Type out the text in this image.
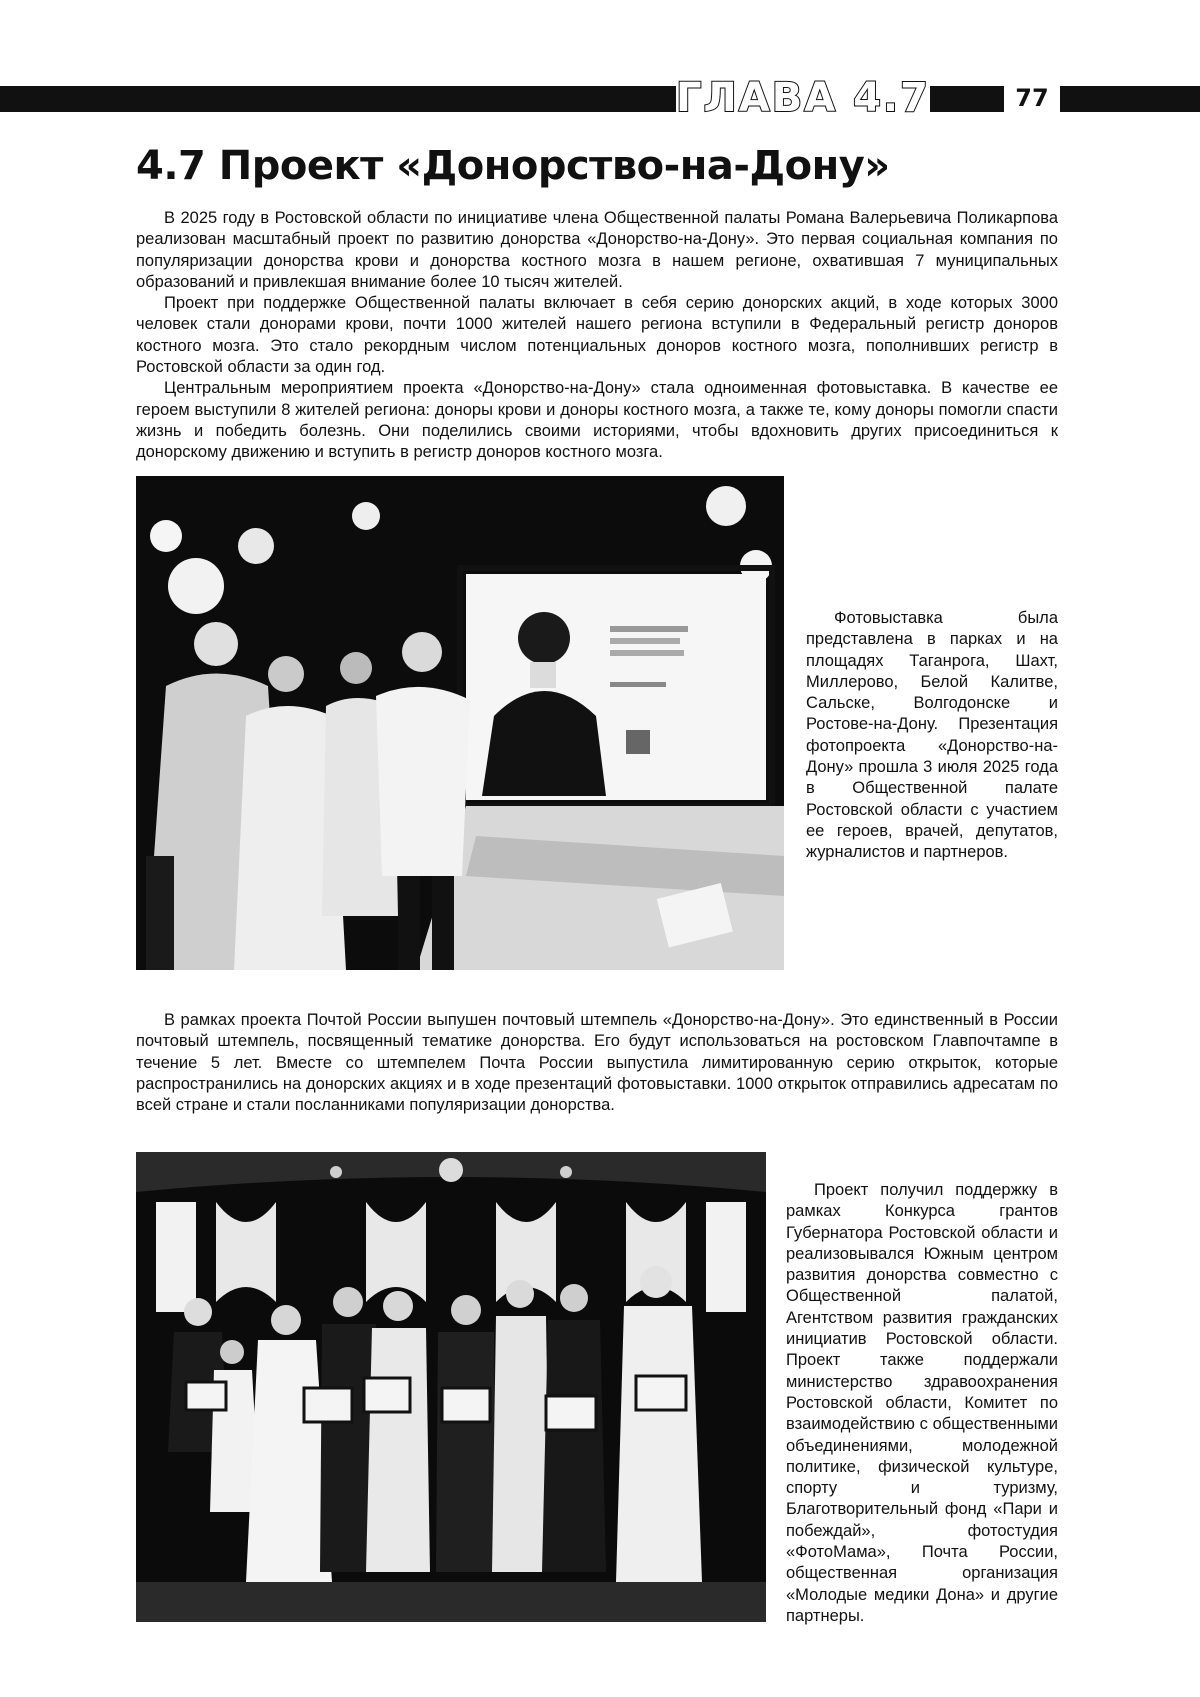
ГЛАВА 4.7	77
4.7 Проект «Донорство-на-Дону»

В 2025 году в Ростовской области по инициативе члена Общественной палаты Романа Валерьевича Поликарпова реализован масштабный проект по развитию донорства «Донорство-на-Дону». Это первая социальная компания по популяризации донорства крови и донорства костного мозга в нашем регионе, охватившая 7 муниципальных образований и привлекшая внимание более 10 тысяч жителей.

Проект при поддержке Общественной палаты включает в себя серию донорских акций, в ходе которых 3000 человек стали донорами крови, почти 1000 жителей нашего региона вступили в Федеральный регистр доноров костного мозга. Это стало рекордным числом потенциальных доноров костного мозга, пополнивших регистр в Ростовской области за один год.

Центральным мероприятием проекта «Донорство-на-Дону» стала одноименная фотовыставка. В качестве ее героем выступили 8 жителей региона: доноры крови и доноры костного мозга, а также те, кому доноры помогли спасти жизнь и победить болезнь. Они поделились своими историями, чтобы вдохновить других присоединиться к донорскому движению и вступить в регистр доноров костного мозга.

Фотовыставка была представлена в парках и на площадях Таганрога, Шахт, Миллерово, Белой Калитве, Сальске, Волгодонске и Ростове-на-Дону. Презентация фотопроекта «Донорство-на-Дону» прошла 3 июля 2025 года в Общественной палате Ростовской области с участием ее героев, врачей, депутатов, журналистов и партнеров.

В рамках проекта Почтой России выпушен почтовый штемпель «Донорство-на-Дону». Это единственный в России почтовый штемпель, посвященный тематике донорства. Его будут использоваться на ростовском Главпочтампе в течение 5 лет. Вместе со штемпелем Почта России выпустила лимитированную серию открыток, которые распространились на донорских акциях и в ходе презентаций фотовыставки. 1000 открыток отправились адресатам по всей стране и стали посланниками популяризации донорства.

Проект получил поддержку в рамках Конкурса грантов Губернатора Ростовской области и реализовывался Южным центром развития донорства совместно с Общественной палатой, Агентством развития гражданских инициатив Ростовской области. Проект также поддержали министерство здравоохранения Ростовской области, Комитет по взаимодействию с общественными объединениями, молодежной политике, физической культуре, спорту и туризму, Благотворительный фонд «Пари и побеждай», фотостудия «ФотоМама», Почта России, общественная организация «Молодые медики Дона» и другие партнеры.
